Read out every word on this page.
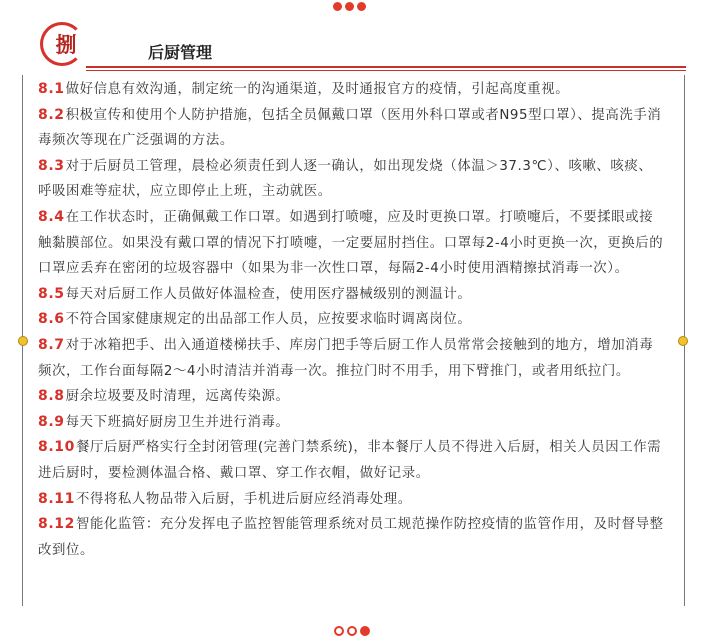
捌	后厨管理

8.1做好信息有效沟通，制定统一的沟通渠道，及时通报官方的疫情，引起高度重视。

8.2积极宣传和使用个人防护措施，包括全员佩戴口罩（医用外科口罩或者N95型口罩）、提高洗手消毒频次等现在广泛强调的方法。

8.3对于后厨员工管理，晨检必须责任到人逐一确认，如出现发烧（体温＞37.3℃）、咳嗽、咳痰、呼吸困难等症状，应立即停止上班，主动就医。

8.4在工作状态时，正确佩戴工作口罩。如遇到打喷嚏，应及时更换口罩。打喷嚏后，不要揉眼或接触黏膜部位。如果没有戴口罩的情况下打喷嚏，一定要屈肘挡住。口罩每2-4小时更换一次，更换后的口罩应丢弃在密闭的垃圾容器中（如果为非一次性口罩，每隔2-4小时使用酒精擦拭消毒一次）。

8.5每天对后厨工作人员做好体温检查，使用医疗器械级别的测温计。

8.6不符合国家健康规定的出品部工作人员，应按要求临时调离岗位。

8.7对于冰箱把手、出入通道楼梯扶手、库房门把手等后厨工作人员常常会接触到的地方，增加消毒频次，工作台面每隔2～4小时清洁并消毒一次。推拉门时不用手，用下臂推门，或者用纸拉门。

8.8厨余垃圾要及时清理，远离传染源。

8.9每天下班搞好厨房卫生并进行消毒。

8.10餐厅后厨严格实行全封闭管理(完善门禁系统)，非本餐厅人员不得进入后厨，相关人员因工作需进后厨时，要检测体温合格、戴口罩、穿工作衣帽，做好记录。

8.11不得将私人物品带入后厨，手机进后厨应经消毒处理。

8.12智能化监管：充分发挥电子监控智能管理系统对员工规范操作防控疫情的监管作用，及时督导整改到位。
